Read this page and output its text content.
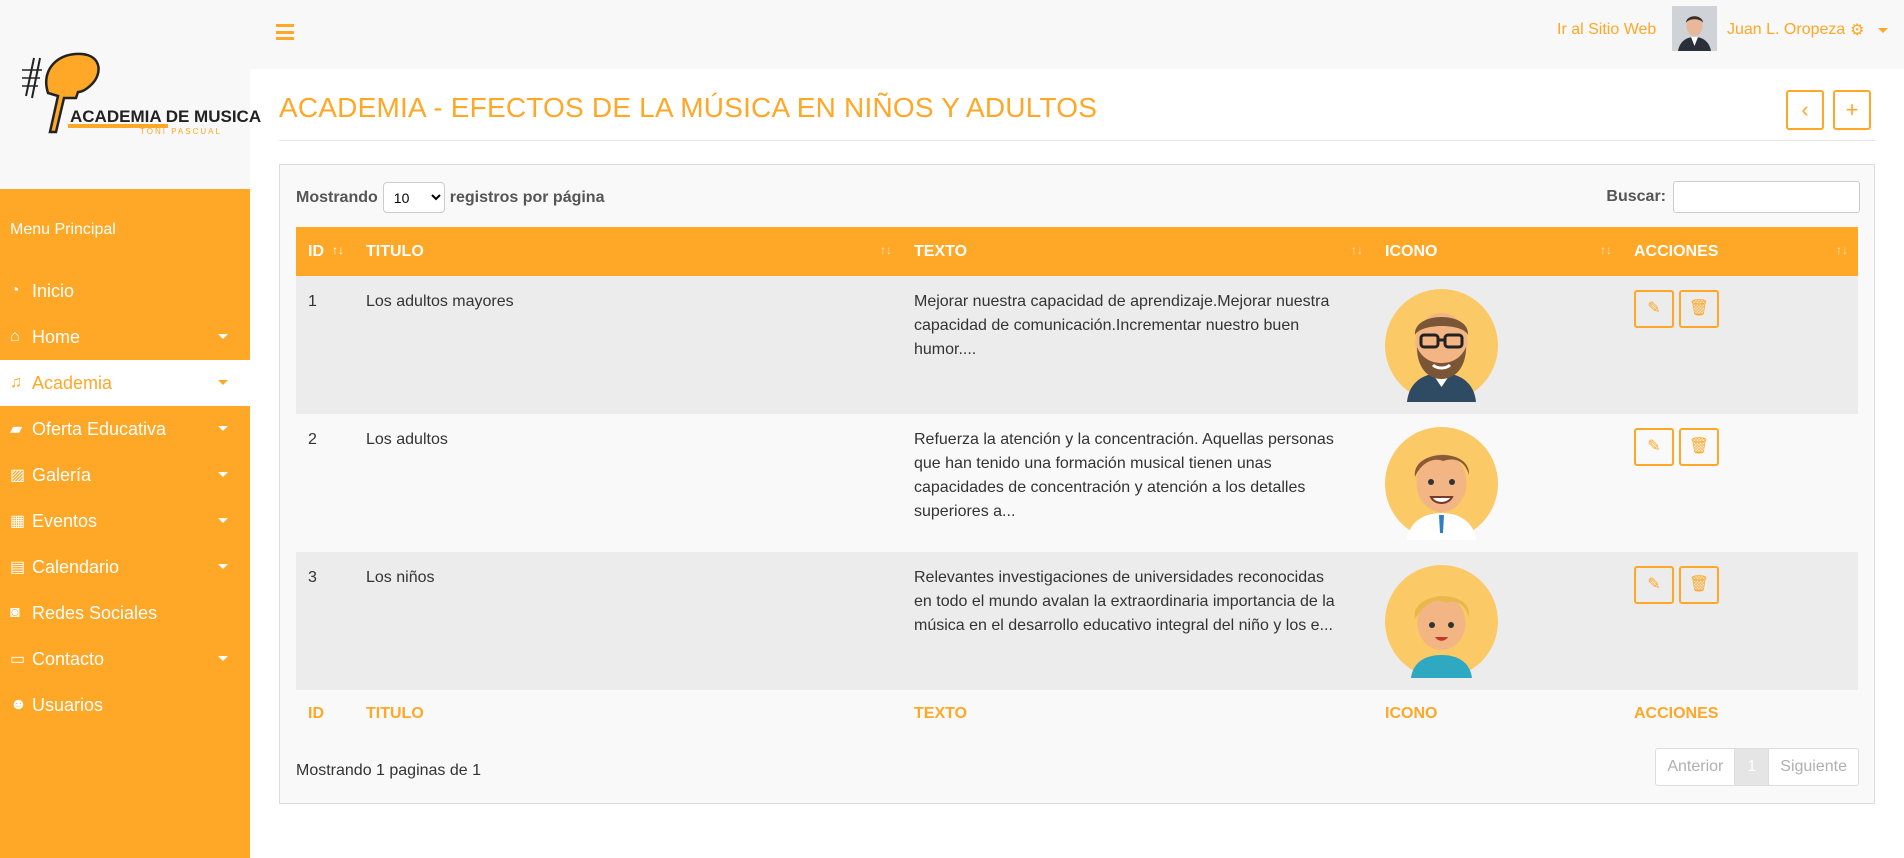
ACADEMIA DE MUSICA
TONI PASCUAL
Menu Principal
◔ Inicio
⌂ Home
♫ Academia
▰ Oferta Educativa
▨ Galería
▦ Eventos
▤ Calendario
◙ Redes Sociales
▭ Contacto
☻ Usuarios
Ir al Sitio Web	Juan L. Oropeza ⚙
ACADEMIA - EFECTOS DE LA MÚSICA EN NIÑOS Y ADULTOS	‹ +
Mostrando
10	registros por página	Buscar:
ID ↑↓	TITULO ↑↓	TEXTO ↑↓	ICONO ↑↓	ACCIONES ↑↓

1	Los adultos mayores	Mejorar nuestra capacidad de aprendizaje.Mejorar nuestra capacidad de comunicación.Incrementar nuestro buen humor....		✎ 🗑

2	Los adultos	Refuerza la atención y la concentración. Aquellas personas que han tenido una formación musical tienen unas capacidades de concentración y atención a los detalles superiores a...		✎ 🗑

3	Los niños	Relevantes investigaciones de universidades reconocidas en todo el mundo avalan la extraordinaria importancia de la música en el desarrollo educativo integral del niño y los e...		✎ 🗑

ID	TITULO	TEXTO	ICONO	ACCIONES
Mostrando 1 paginas de 1	Anterior	1	Siguiente
